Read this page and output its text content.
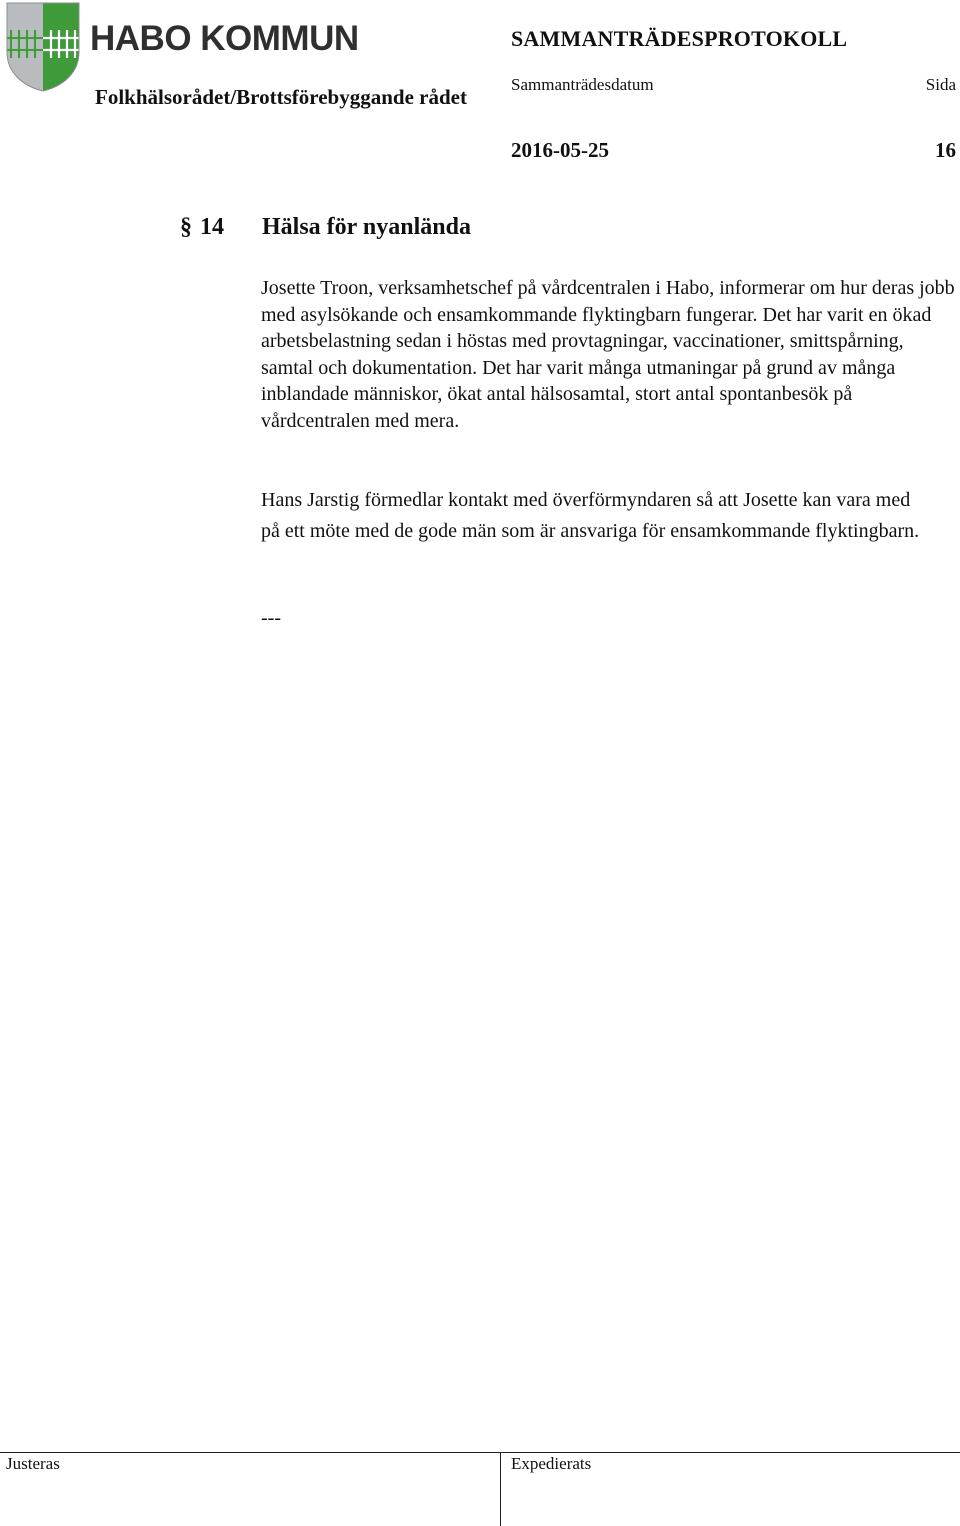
HABO KOMMUN
Folkhälsorådet/Brottsförebyggande rådet
SAMMANTRÄDESPROTOKOLL
Sammanträdesdatum	Sida
2016-05-25	16
§ 14 Hälsa för nyanlända
Josette Troon, verksamhetschef på vårdcentralen i Habo, informerar om hur deras jobb med asylsökande och ensamkommande flyktingbarn fungerar. Det har varit en ökad arbetsbelastning sedan i höstas med provtagningar, vaccinationer, smittspårning, samtal och dokumentation. Det har varit många utmaningar på grund av många inblandade människor, ökat antal hälsosamtal, stort antal spontanbesök på vårdcentralen med mera.
Hans Jarstig förmedlar kontakt med överförmyndaren så att Josette kan vara med på ett möte med de gode män som är ansvariga för ensamkommande flyktingbarn.
---
Justeras	Expedierats
